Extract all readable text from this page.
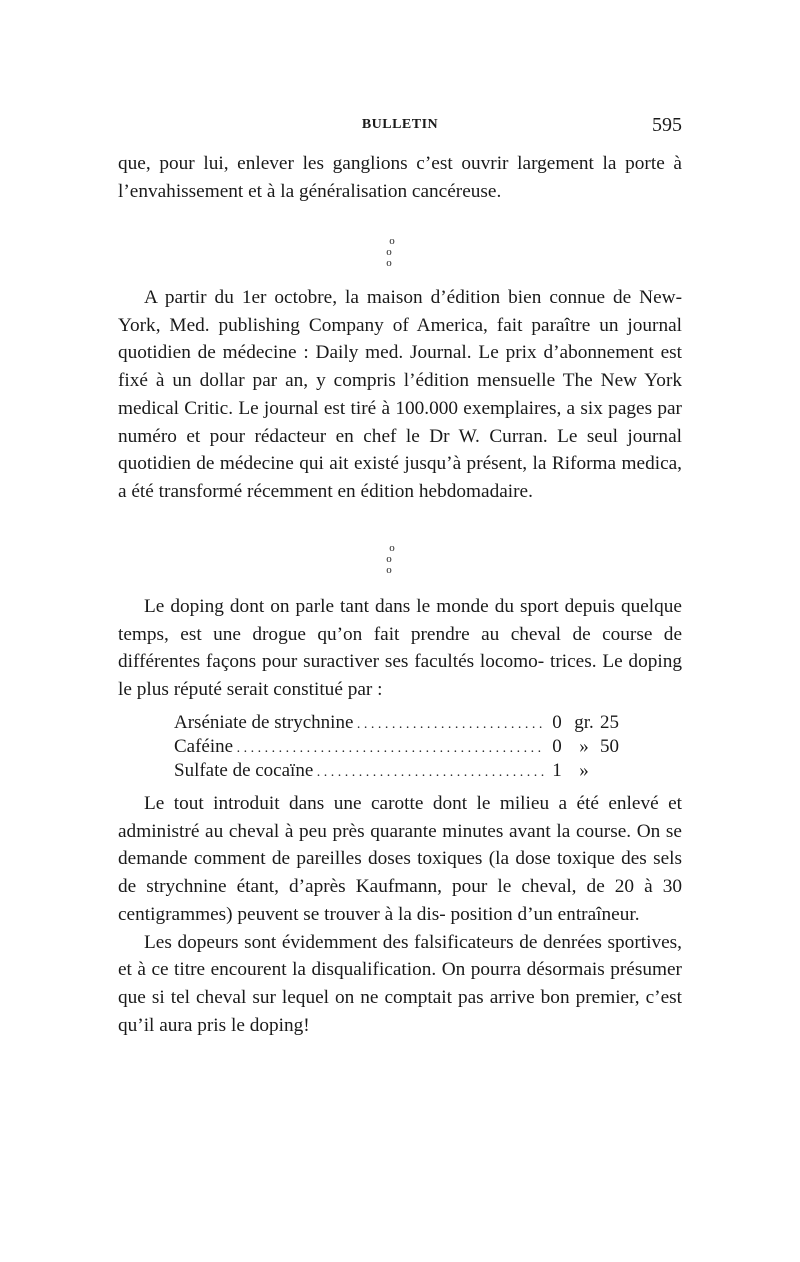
BULLETIN	595

que, pour lui, enlever les ganglions c’est ouvrir largement la porte à l’envahissement et à la généralisation cancéreuse.

o
o o

A partir du 1er octobre, la maison d’édition bien connue de New-York, Med. publishing Company of America, fait paraître un journal quotidien de médecine : Daily med. Journal. Le prix d’abonnement est fixé à un dollar par an, y compris l’édition mensuelle The New York medical Critic. Le journal est tiré à 100.000 exemplaires, a six pages par numéro et pour rédacteur en chef le Dr W. Curran. Le seul journal quotidien de médecine qui ait existé jusqu’à présent, la Riforma medica, a été transformé récemment en édition hebdomadaire.

o
o o

Le doping dont on parle tant dans le monde du sport depuis quelque temps, est une drogue qu’on fait prendre au cheval de course de différentes façons pour suractiver ses facultés locomo- trices. Le doping le plus réputé serait constitué par :

Arséniate de strychnine . . .	0 gr. 25
Caféine . . .	0 » 50
Sulfate de cocaïne . . .	1 »

Le tout introduit dans une carotte dont le milieu a été enlevé et administré au cheval à peu près quarante minutes avant la course. On se demande comment de pareilles doses toxiques (la dose toxique des sels de strychnine étant, d’après Kaufmann, pour le cheval, de 20 à 30 centigrammes) peuvent se trouver à la dis- position d’un entraîneur.

Les dopeurs sont évidemment des falsificateurs de denrées sportives, et à ce titre encourent la disqualification. On pourra désormais présumer que si tel cheval sur lequel on ne comptait pas arrive bon premier, c’est qu’il aura pris le doping!
